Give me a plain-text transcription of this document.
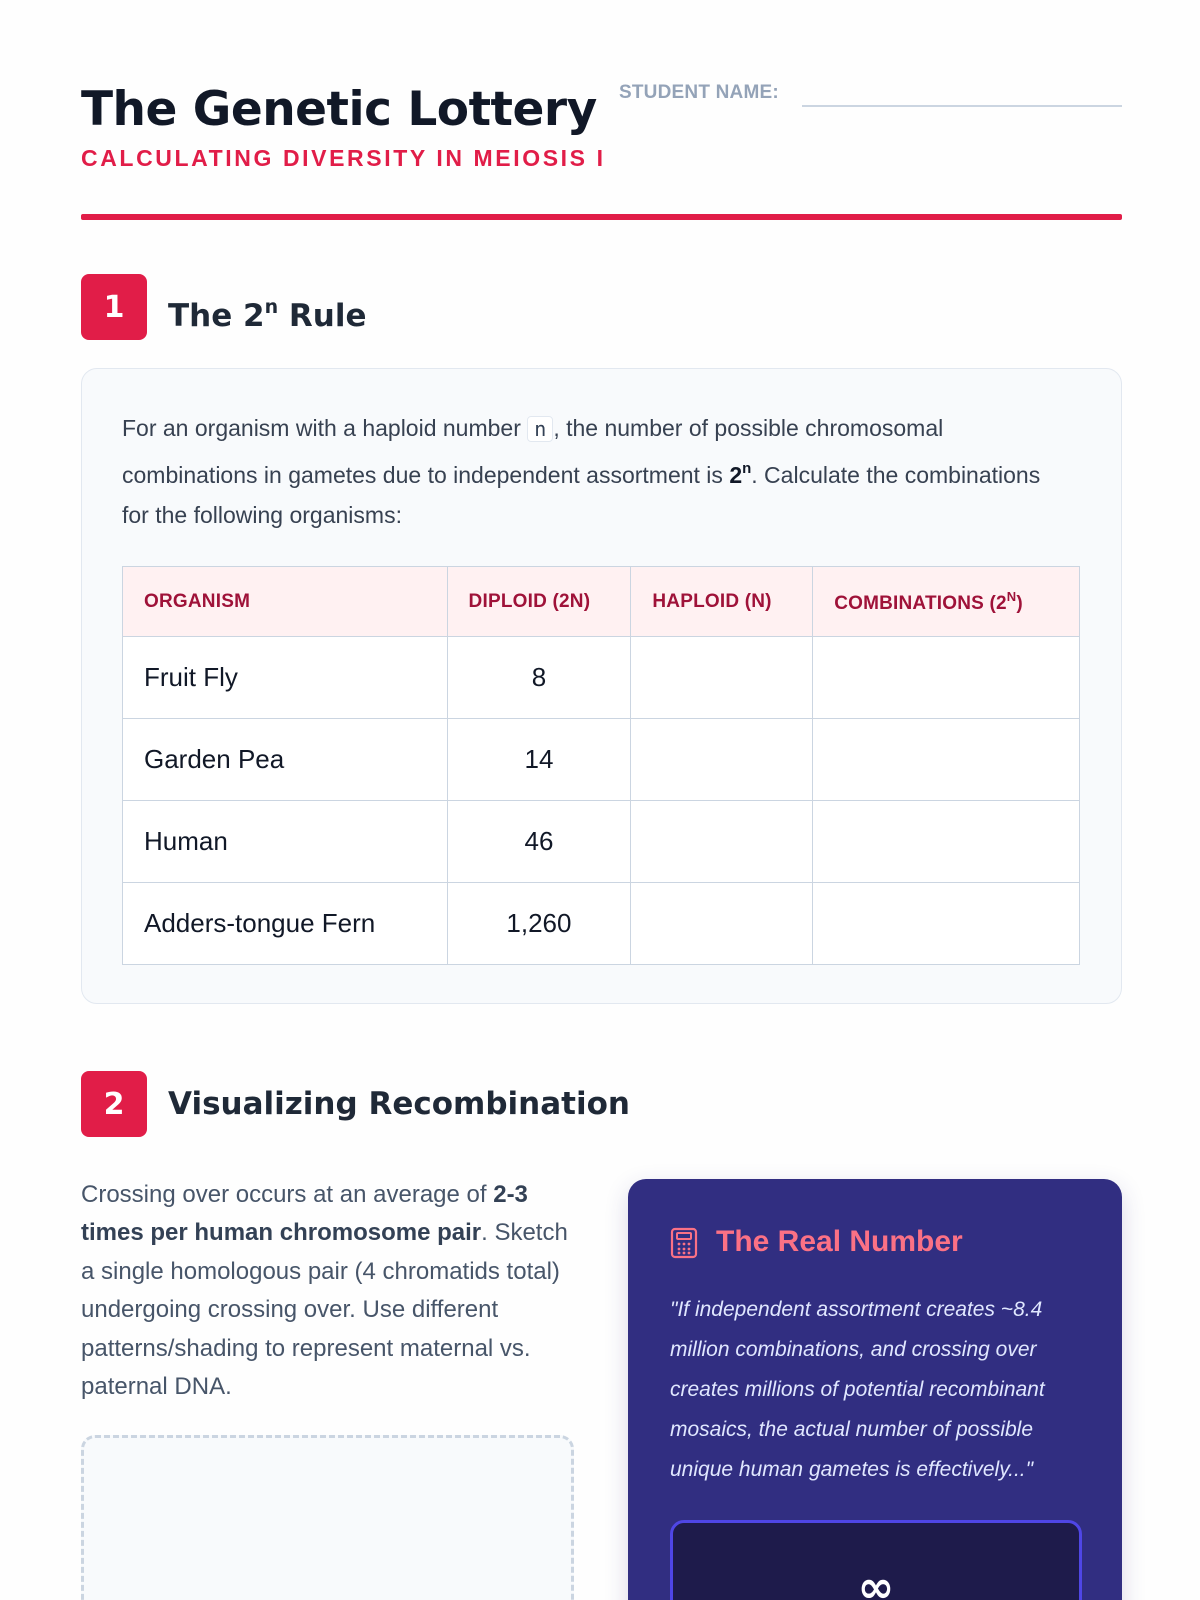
The Genetic Lottery
CALCULATING DIVERSITY IN MEIOSIS I
STUDENT NAME:
1	The 2$^n$ Rule

For an organism with a haploid number n , the number of possible chromosomal combinations in gametes due to independent assortment is 2$^n$. Calculate the combinations for the following organisms:

ORGANISM	DIPLOID (2N)	HAPLOID (N)	COMBINATIONS $(2^N)$
Fruit Fly	8		
Garden Pea	14		
Human	46		
Adders-tongue Fern	1,260		
2	Visualizing Recombination

Crossing over occurs at an average of 2-3 times per human chromosome pair. Sketch a single homologous pair (4 chromatids total) undergoing crossing over. Use different patterns/shading to represent maternal vs. paternal DNA.

The Real Number

"If independent assortment creates ~8.4 million combinations, and crossing over creates millions of potential recombinant mosaics, the actual number of possible unique human gametes is effectively..."

∞
